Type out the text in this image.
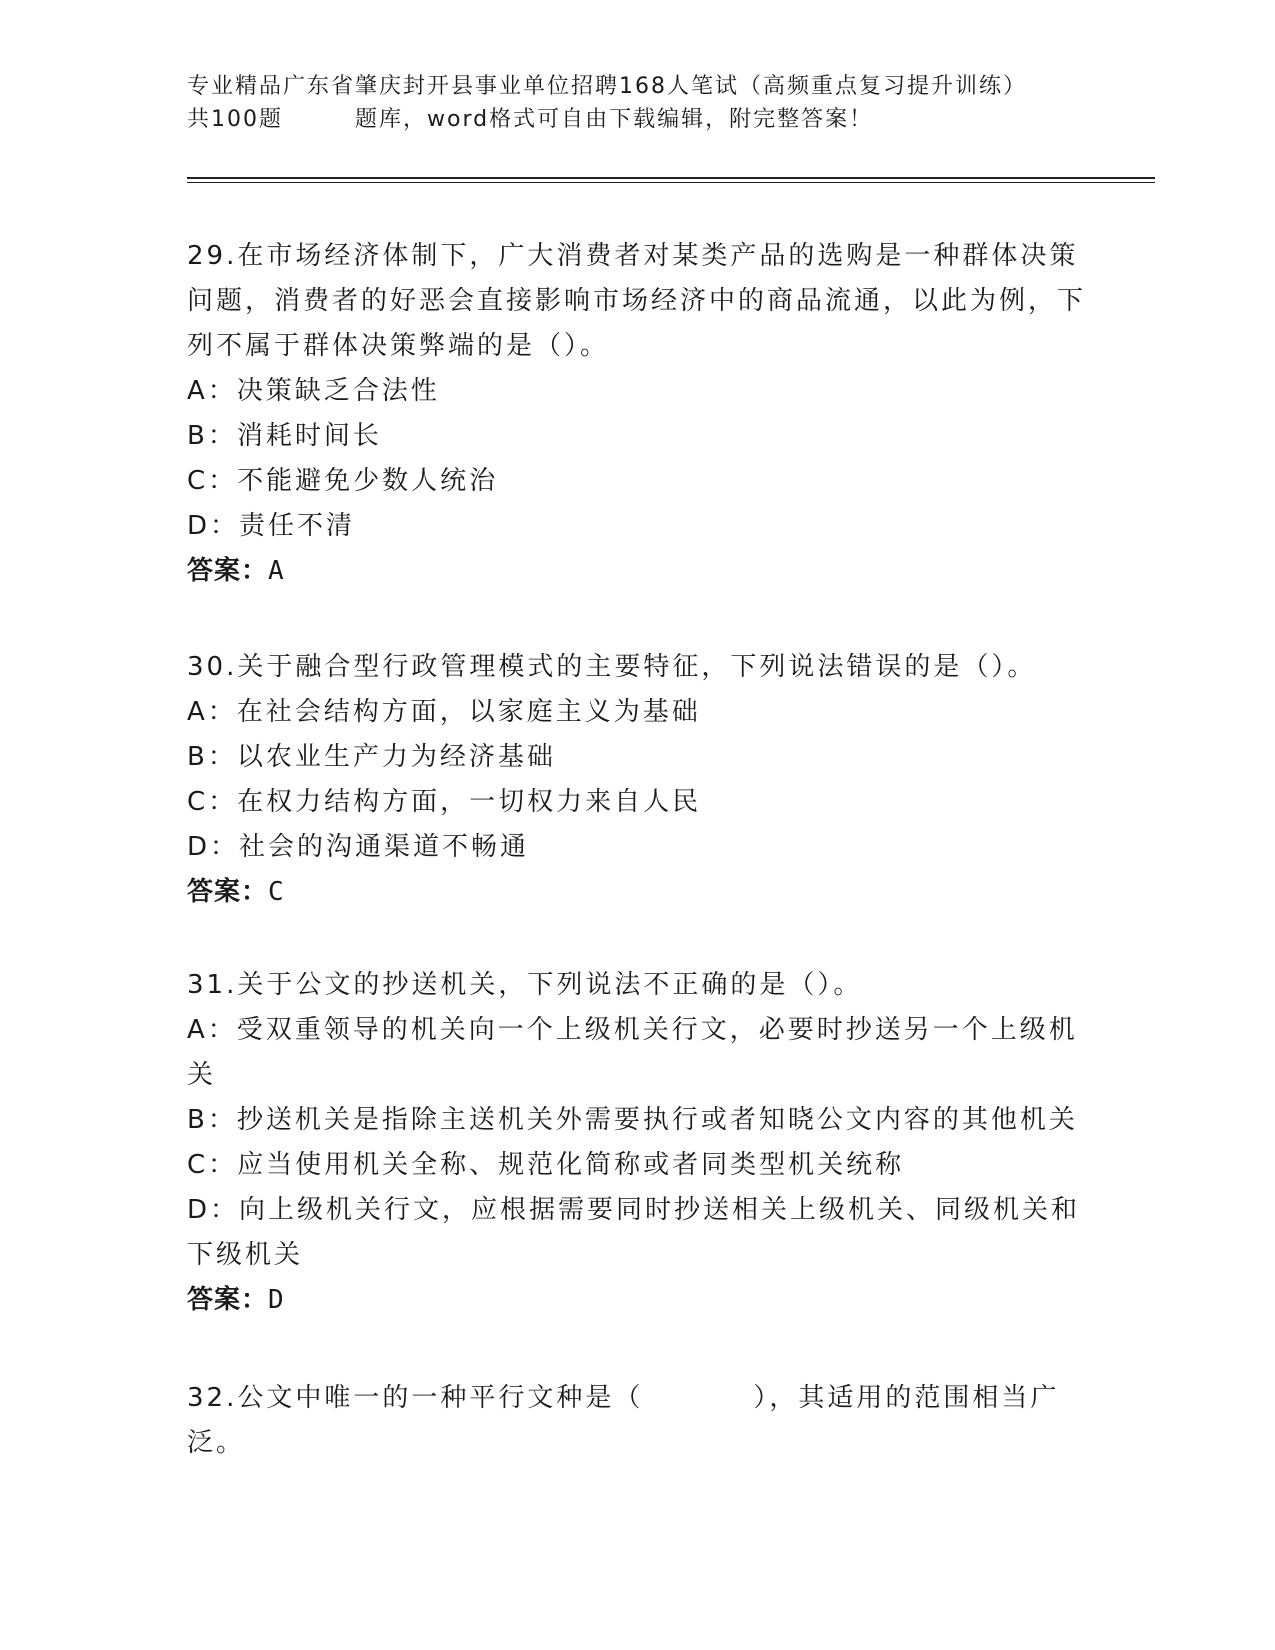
专业精品广东省肇庆封开县事业单位招聘168人笔试（高频重点复习提升训练）
共100题	题库，word格式可自由下载编辑，附完整答案！
29.在市场经济体制下，广大消费者对某类产品的选购是一种群体决策问题，消费者的好恶会直接影响市场经济中的商品流通，以此为例，下列不属于群体决策弊端的是（）。
A：决策缺乏合法性
B：消耗时间长
C：不能避免少数人统治
D：责任不清
答案：A
30.关于融合型行政管理模式的主要特征，下列说法错误的是（）。
A：在社会结构方面，以家庭主义为基础
B：以农业生产力为经济基础
C：在权力结构方面，一切权力来自人民
D：社会的沟通渠道不畅通
答案：C
31.关于公文的抄送机关，下列说法不正确的是（）。
A：受双重领导的机关向一个上级机关行文，必要时抄送另一个上级机关
B：抄送机关是指除主送机关外需要执行或者知晓公文内容的其他机关
C：应当使用机关全称、规范化简称或者同类型机关统称
D：向上级机关行文，应根据需要同时抄送相关上级机关、同级机关和下级机关
答案：D
32.公文中唯一的一种平行文种是（	），其适用的范围相当广泛。
